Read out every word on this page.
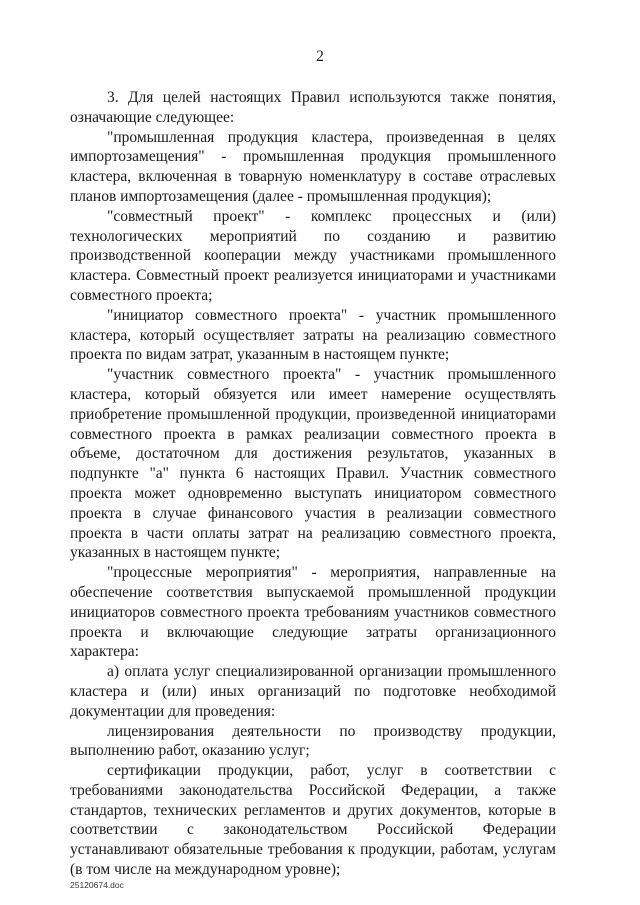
2

3. Для целей настоящих Правил используются также понятия, означающие следующее:

"промышленная продукция кластера, произведенная в целях импортозамещения" - промышленная продукция промышленного кластера, включенная в товарную номенклатуру в составе отраслевых планов импортозамещения (далее - промышленная продукция);

"совместный проект" - комплекс процессных и (или) технологических мероприятий по созданию и развитию производственной кооперации между участниками промышленного кластера. Совместный проект реализуется инициаторами и участниками совместного проекта;

"инициатор совместного проекта" - участник промышленного кластера, который осуществляет затраты на реализацию совместного проекта по видам затрат, указанным в настоящем пункте;

"участник совместного проекта" - участник промышленного кластера, который обязуется или имеет намерение осуществлять приобретение промышленной продукции, произведенной инициаторами совместного проекта в рамках реализации совместного проекта в объеме, достаточном для достижения результатов, указанных в подпункте "а" пункта 6 настоящих Правил. Участник совместного проекта может одновременно выступать инициатором совместного проекта в случае финансового участия в реализации совместного проекта в части оплаты затрат на реализацию совместного проекта, указанных в настоящем пункте;

"процессные мероприятия" - мероприятия, направленные на обеспечение соответствия выпускаемой промышленной продукции инициаторов совместного проекта требованиям участников совместного проекта и включающие следующие затраты организационного характера:

а) оплата услуг специализированной организации промышленного кластера и (или) иных организаций по подготовке необходимой документации для проведения:

лицензирования деятельности по производству продукции, выполнению работ, оказанию услуг;

сертификации продукции, работ, услуг в соответствии с требованиями законодательства Российской Федерации, а также стандартов, технических регламентов и других документов, которые в соответствии с законодательством Российской Федерации устанавливают обязательные требования к продукции, работам, услугам (в том числе на международном уровне);

25120674.doc
